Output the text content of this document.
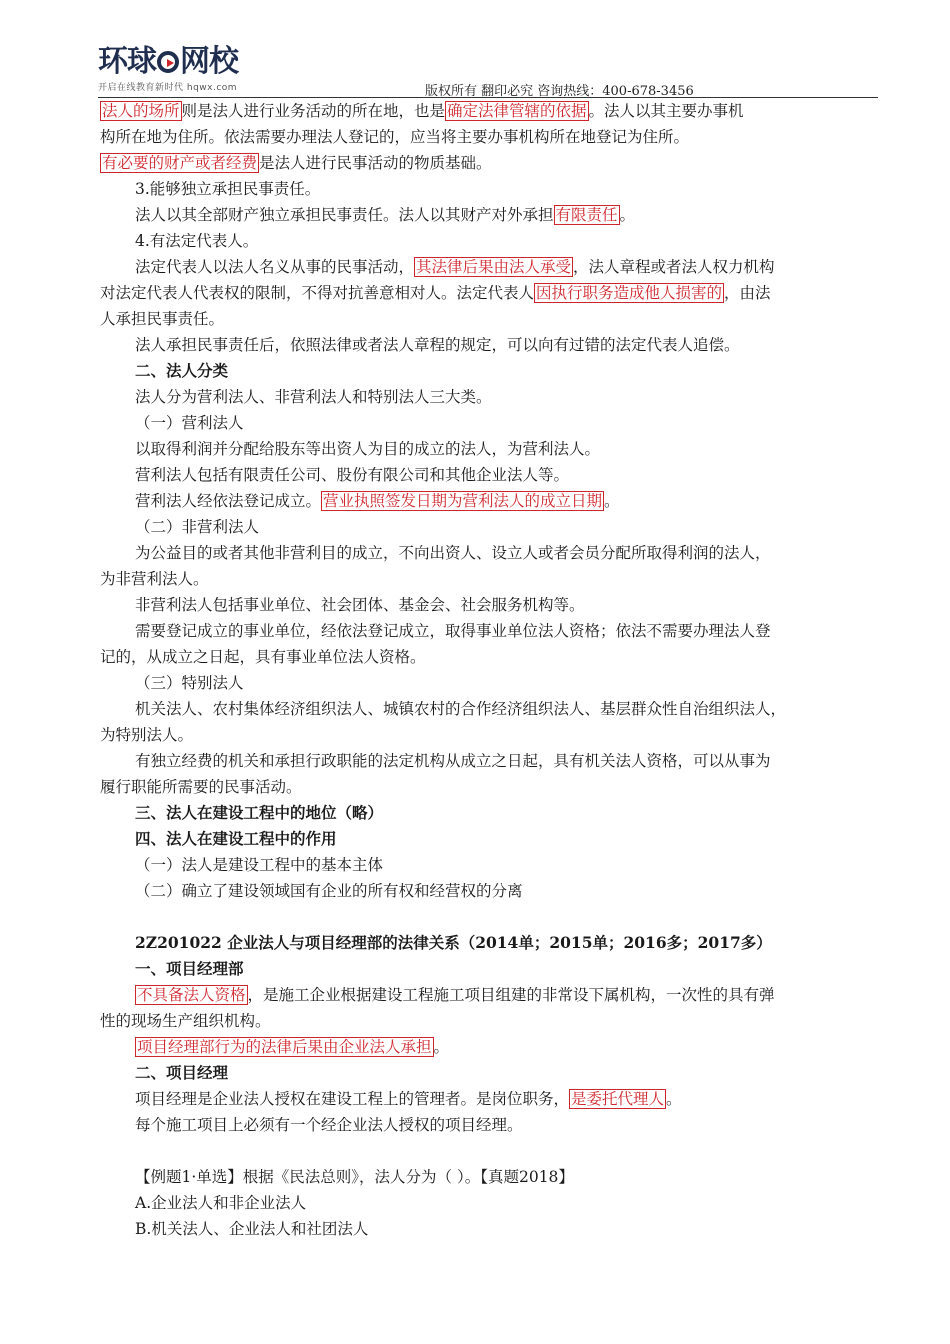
环球 网校
开启在线教育新时代 hqwx.com	版权所有 翻印必究 咨询热线：400-678-3456
法人的场所 则是法人进行业务活动的所在地，也是 确定法律管辖的依据 。法人以其主要办事机
构所在地为住所。依法需要办理法人登记的，应当将主要办事机构所在地登记为住所。
有必要的财产或者经费 是法人进行民事活动的物质基础。
3.能够独立承担民事责任。
法人以其全部财产独立承担民事责任。法人以其财产对外承担 有限责任 。
4.有法定代表人。
法定代表人以法人名义从事的民事活动， 其法律后果由法人承受 ，法人章程或者法人权力机构
对法定代表人代表权的限制，不得对抗善意相对人。法定代表人 因执行职务造成他人损害的 ，由法
人承担民事责任。
法人承担民事责任后，依照法律或者法人章程的规定，可以向有过错的法定代表人追偿。
二、法人分类
法人分为营利法人、非营利法人和特别法人三大类。
（一）营利法人
以取得利润并分配给股东等出资人为目的成立的法人，为营利法人。
营利法人包括有限责任公司、股份有限公司和其他企业法人等。
营利法人经依法登记成立。 营业执照签发日期为营利法人的成立日期 。
（二）非营利法人
为公益目的或者其他非营利目的成立，不向出资人、设立人或者会员分配所取得利润的法人，
为非营利法人。
非营利法人包括事业单位、社会团体、基金会、社会服务机构等。
需要登记成立的事业单位，经依法登记成立，取得事业单位法人资格；依法不需要办理法人登
记的，从成立之日起，具有事业单位法人资格。
（三）特别法人
机关法人、农村集体经济组织法人、城镇农村的合作经济组织法人、基层群众性自治组织法人，
为特别法人。
有独立经费的机关和承担行政职能的法定机构从成立之日起，具有机关法人资格，可以从事为
履行职能所需要的民事活动。
三、法人在建设工程中的地位（略）
四、法人在建设工程中的作用
（一）法人是建设工程中的基本主体
（二）确立了建设领域国有企业的所有权和经营权的分离
2Z201022 企业法人与项目经理部的法律关系（2014单；2015单；2016多；2017多）
一、项目经理部
不具备法人资格 ，是施工企业根据建设工程施工项目组建的非常设下属机构，一次性的具有弹
性的现场生产组织机构。
项目经理部行为的法律后果由企业法人承担 。
二、项目经理
项目经理是企业法人授权在建设工程上的管理者。是岗位职务， 是委托代理人 。
每个施工项目上必须有一个经企业法人授权的项目经理。
【例题1·单选】根据《民法总则》，法人分为（ ）。【真题2018】
A.企业法人和非企业法人
B.机关法人、企业法人和社团法人
